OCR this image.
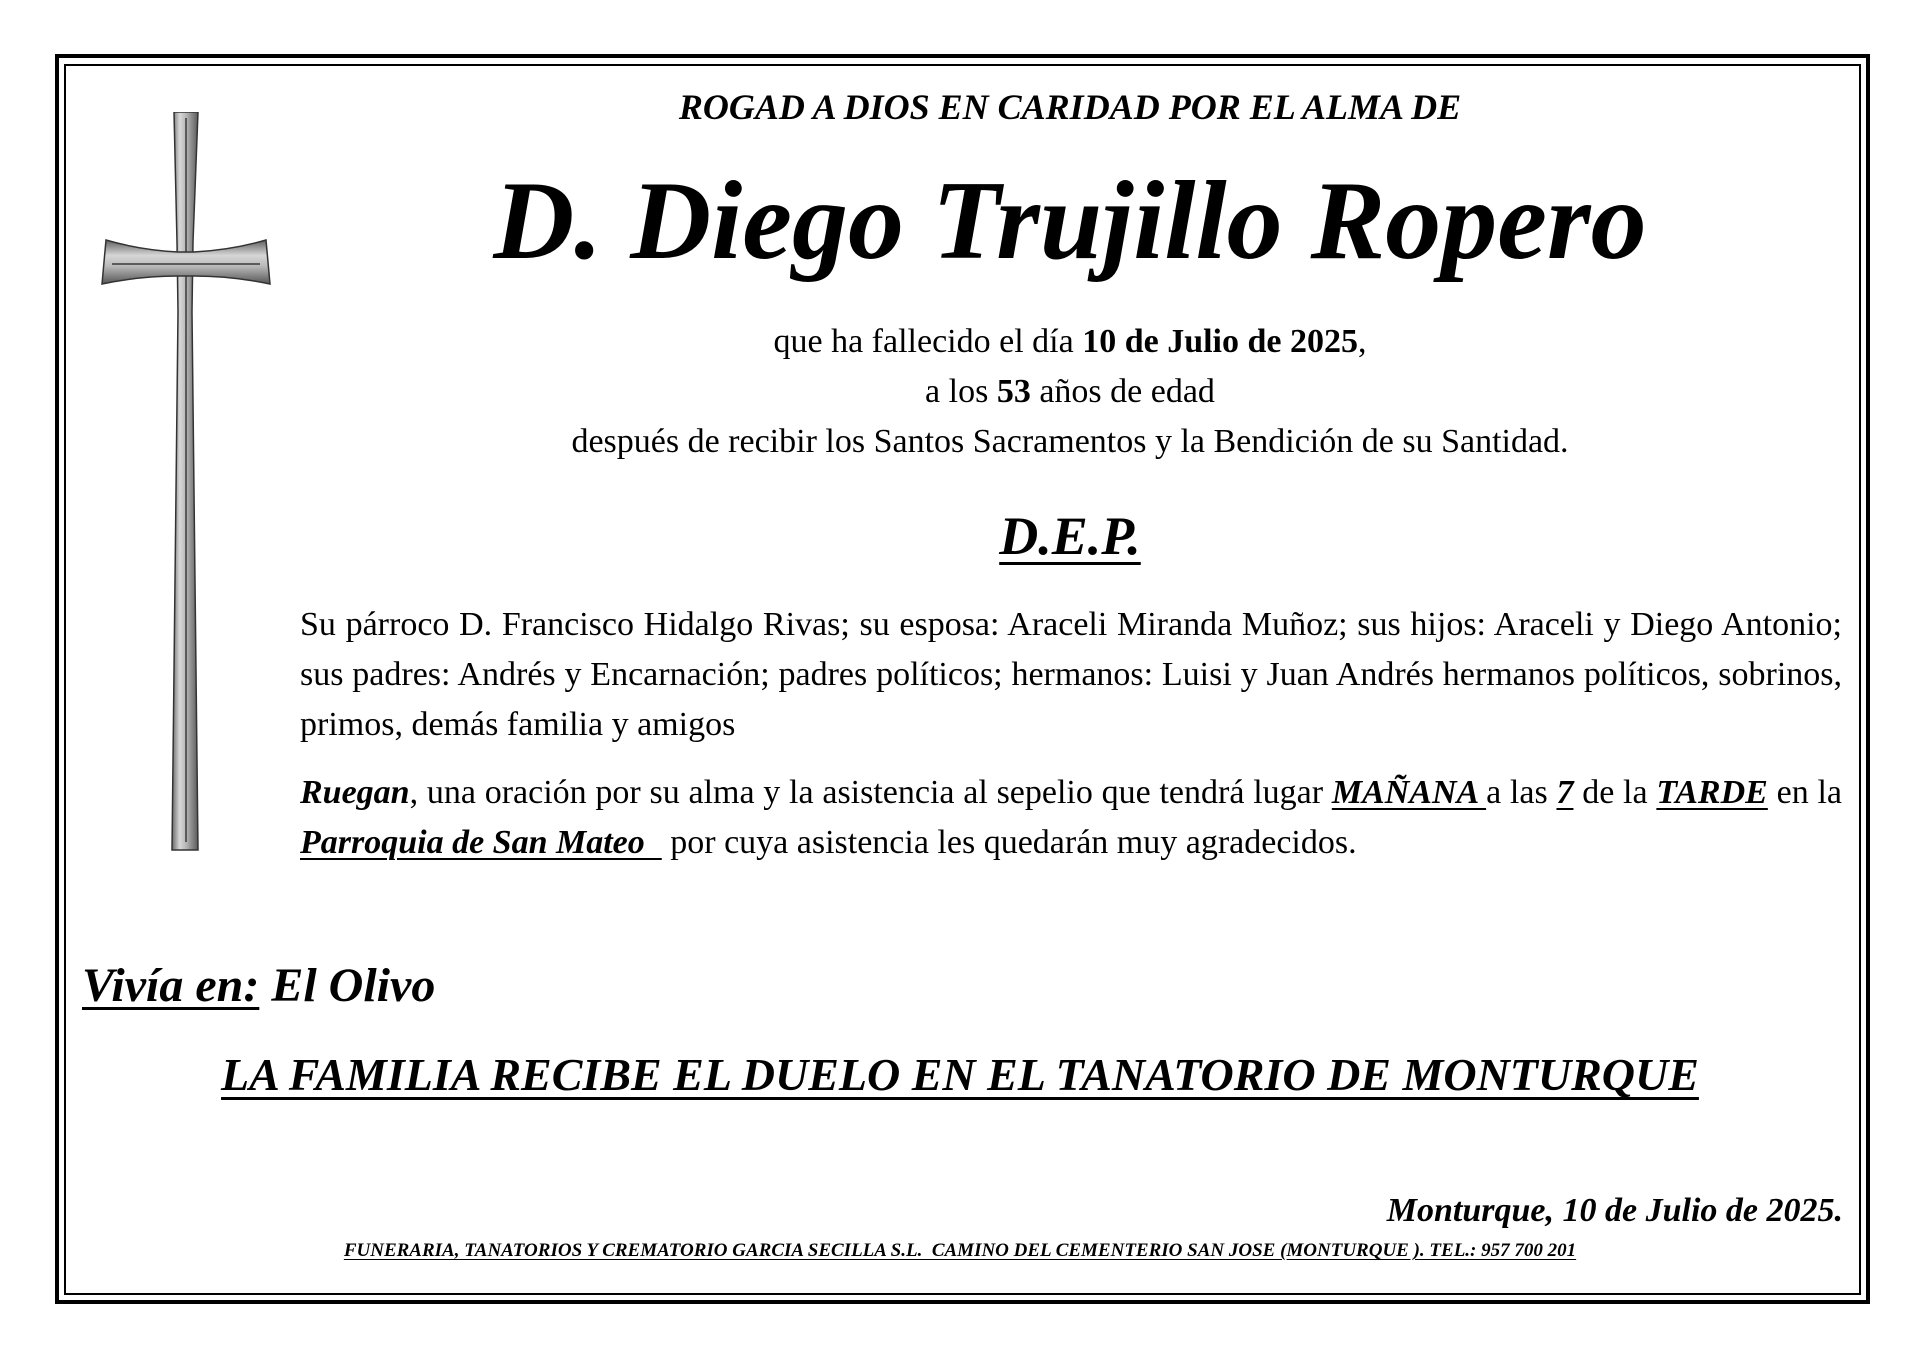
ROGAD A DIOS EN CARIDAD POR EL ALMA DE
D. Diego Trujillo Ropero
que ha fallecido el día 10 de Julio de 2025,
a los 53 años de edad
después de recibir los Santos Sacramentos y la Bendición de su Santidad.
D.E.P.
Su párroco D. Francisco Hidalgo Rivas; su esposa: Araceli Miranda Muñoz; sus hijos: Araceli y Diego Antonio; sus padres: Andrés y Encarnación; padres políticos; hermanos: Luisi y Juan Andrés hermanos políticos, sobrinos, primos, demás familia y amigos
Ruegan, una oración por su alma y la asistencia al sepelio que tendrá lugar MAÑANA a las 7 de la TARDE en la Parroquia de San Mateo   por cuya asistencia les quedarán muy agradecidos.
Vivía en: El Olivo
LA FAMILIA RECIBE EL DUELO EN EL TANATORIO DE MONTURQUE
Monturque, 10 de Julio de 2025.
FUNERARIA, TANATORIOS Y CREMATORIO GARCIA SECILLA S.L.  CAMINO DEL CEMENTERIO SAN JOSE (MONTURQUE ). TEL.: 957 700 201
